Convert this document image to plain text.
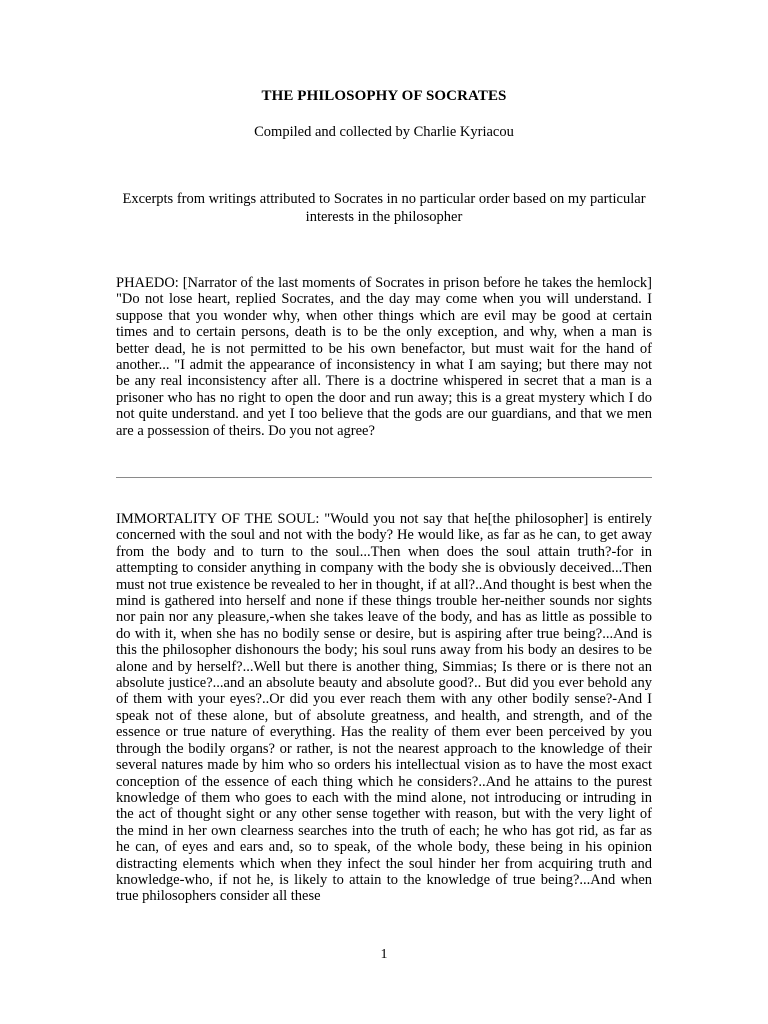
THE PHILOSOPHY OF SOCRATES
Compiled and collected by Charlie Kyriacou
Excerpts from writings attributed to Socrates in no particular order based on my particular interests in the philosopher
PHAEDO: [Narrator of the last moments of Socrates in prison before he takes the hemlock] "Do not lose heart, replied Socrates, and the day may come when you will understand. I suppose that you wonder why, when other things which are evil may be good at certain times and to certain persons, death is to be the only exception, and why, when a man is better dead, he is not permitted to be his own benefactor, but must wait for the hand of another... "I admit the appearance of inconsistency in what I am saying; but there may not be any real inconsistency after all. There is a doctrine whispered in secret that a man is a prisoner who has no right to open the door and run away; this is a great mystery which I do not quite understand. and yet I too believe that the gods are our guardians, and that we men are a possession of theirs. Do you not agree?
IMMORTALITY OF THE SOUL: "Would you not say that he[the philosopher] is entirely concerned with the soul and not with the body? He would like, as far as he can, to get away from the body and to turn to the soul...Then when does the soul attain truth?-for in attempting to consider anything in company with the body she is obviously deceived...Then must not true existence be revealed to her in thought, if at all?..And thought is best when the mind is gathered into herself and none if these things trouble her-neither sounds nor sights nor pain nor any pleasure,-when she takes leave of the body, and has as little as possible to do with it, when she has no bodily sense or desire, but is aspiring after true being?...And is this the philosopher dishonours the body; his soul runs away from his body an desires to be alone and by herself?...Well but there is another thing, Simmias; Is there or is there not an absolute justice?...and an absolute beauty and absolute good?.. But did you ever behold any of them with your eyes?..Or did you ever reach them with any other bodily sense?-And I speak not of these alone, but of absolute greatness, and health, and strength, and of the essence or true nature of everything. Has the reality of them ever been perceived by you through the bodily organs? or rather, is not the nearest approach to the knowledge of their several natures made by him who so orders his intellectual vision as to have the most exact conception of the essence of each thing which he considers?..And he attains to the purest knowledge of them who goes to each with the mind alone, not introducing or intruding in the act of thought sight or any other sense together with reason, but with the very light of the mind in her own clearness searches into the truth of each; he who has got rid, as far as he can, of eyes and ears and, so to speak, of the whole body, these being in his opinion distracting elements which when they infect the soul hinder her from acquiring truth and knowledge-who, if not he, is likely to attain to the knowledge of true being?...And when true philosophers consider all these
1
